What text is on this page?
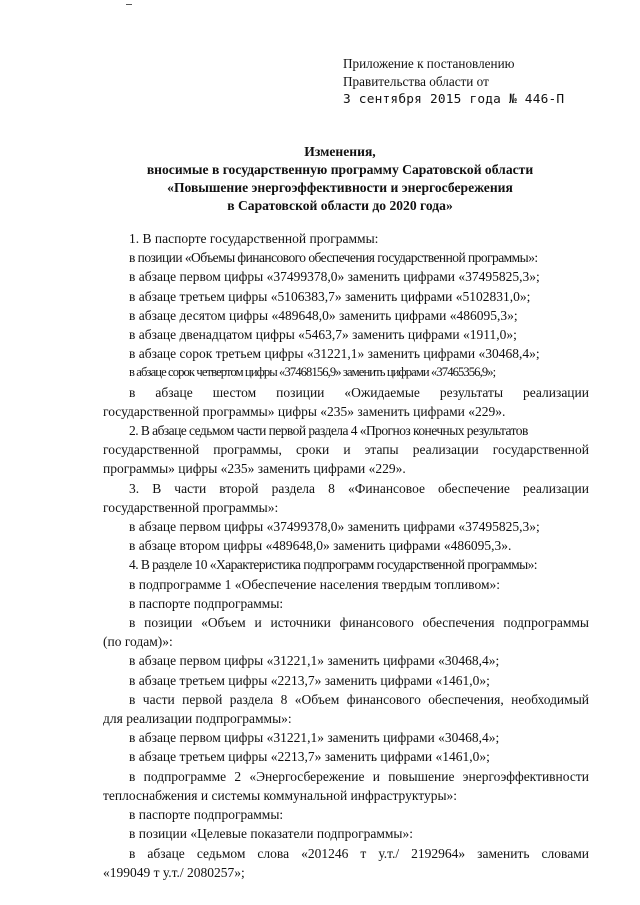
Приложение к постановлению
Правительства области от
3 сентября 2015 года № 446-П
Изменения,
вносимые в государственную программу Саратовской области
«Повышение энергоэффективности и энергосбережения
в Саратовской области до 2020 года»

1. В паспорте государственной программы:

в позиции «Объемы финансового обеспечения государственной программы»:

в абзаце первом цифры «37499378,0» заменить цифрами «37495825,3»;

в абзаце третьем цифры «5106383,7» заменить цифрами «5102831,0»;

в абзаце десятом цифры «489648,0» заменить цифрами «486095,3»;

в абзаце двенадцатом цифры «5463,7» заменить цифрами «1911,0»;

в абзаце сорок третьем цифры «31221,1» заменить цифрами «30468,4»;

в абзаце сорок четвертом цифры «37468156,9» заменить цифрами «37465356,9»;

в абзаце шестом позиции «Ожидаемые результаты реализации

государственной программы» цифры «235» заменить цифрами «229».

2. В абзаце седьмом части первой раздела 4 «Прогноз конечных результатов

государственной программы, сроки и этапы реализации государственной

программы» цифры «235» заменить цифрами «229».

3. В части второй раздела 8 «Финансовое обеспечение реализации

государственной программы»:

в абзаце первом цифры «37499378,0» заменить цифрами «37495825,3»;

в абзаце втором цифры «489648,0» заменить цифрами «486095,3».

4. В разделе 10 «Характеристика подпрограмм государственной программы»:

в подпрограмме 1 «Обеспечение населения твердым топливом»:

в паспорте подпрограммы:

в позиции «Объем и источники финансового обеспечения подпрограммы

(по годам)»:

в абзаце первом цифры «31221,1» заменить цифрами «30468,4»;

в абзаце третьем цифры «2213,7» заменить цифрами «1461,0»;

в части первой раздела 8 «Объем финансового обеспечения, необходимый

для реализации подпрограммы»:

в абзаце первом цифры «31221,1» заменить цифрами «30468,4»;

в абзаце третьем цифры «2213,7» заменить цифрами «1461,0»;

в подпрограмме 2 «Энергосбережение и повышение энергоэффективности

теплоснабжения и системы коммунальной инфраструктуры»:

в паспорте подпрограммы:

в позиции «Целевые показатели подпрограммы»:

в абзаце седьмом слова «201246 т у.т./ 2192964» заменить словами

«199049 т у.т./ 2080257»;
